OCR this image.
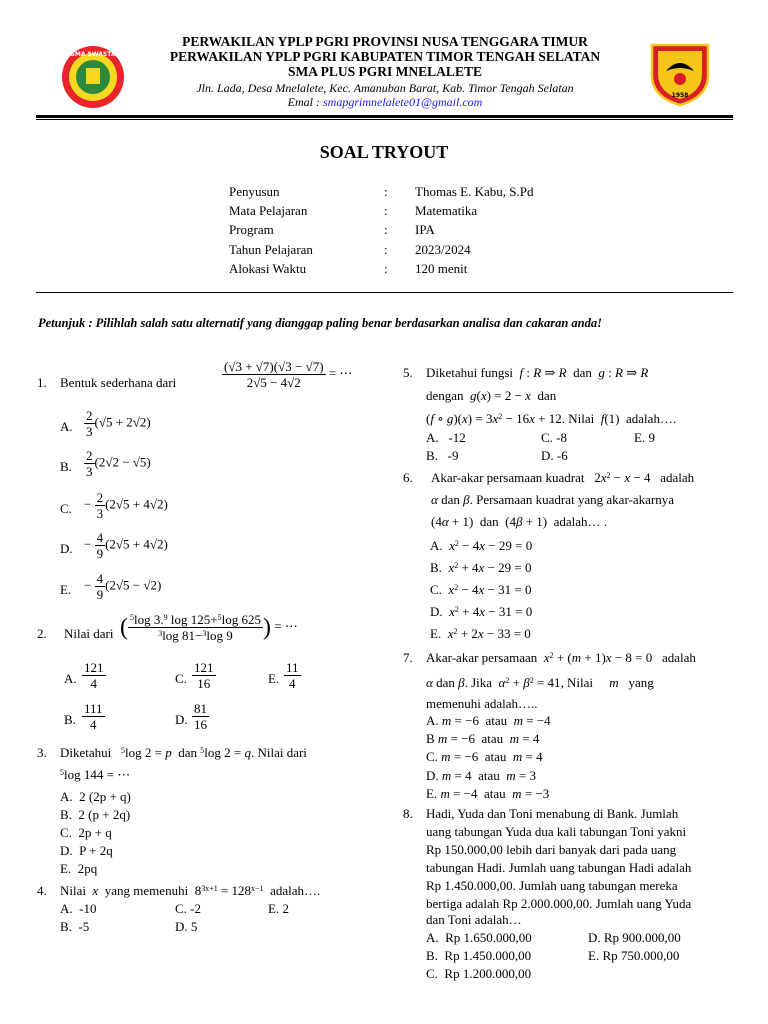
SMA SWASTA
1958
PERWAKILAN YPLP PGRI PROVINSI NUSA TENGGARA TIMUR
PERWAKILAN YPLP PGRI KABUPATEN TIMOR TENGAH SELATAN
SMA PLUS PGRI MNELALETE
Jln. Lada, Desa Mnelalete, Kec. Amanuban Barat, Kab. Timor Tengah Selatan
Emal : smapgrimnelalete01@gmail.com
SOAL TRYOUT
Penyusun	: Thomas E. Kabu, S.Pd
Mata Pelajaran	: Matematika
Program	: IPA
Tahun Pelajaran	: 2023/2024
Alokasi Waktu	: 120 menit
Petunjuk : Pilihlah salah satu alternatif yang dianggap paling benar berdasarkan analisa dan cakaran anda!
1. Bentuk sederhana dari	$\frac{(√3 + √7)(√3 - √7)}{2√5 - 4√2}$ = ⋯
A. $\frac{2}{3} (√5 + 2√2)$
B. $\frac{2}{3} (2√2 - √5)$
C. − $\frac{2}{3} (2√5 + 4√2)$
D. − $\frac{4}{9} (2√5 + 4√2)$
E. − $\frac{4}{9} (2√5 - √2)$
2. Nilai dari ( $\frac{^5\log 3.^9 \log 125+^5\log 625}{^3\log 81-^3\log 9}$ ) = ⋯
A. $\frac{121}{4}$	C. $\frac{121}{16}$	E. $\frac{11}{4}$
B. $\frac{111}{4}$	D. $\frac{81}{16}$
3. Diketahui $^5$log 2 = p dan $^5$log 2 = q. Nilai dari
$^5$log 144 = ⋯
A. 2 (2p + q)
B. 2 (p + 2q)
C. 2p + q
D. P + 2q
E. 2pq
4. Nilai x yang memenuhi  $8^{3x+1} = 128^{x-1}$ adalah….
A. -10	C. -2	E. 2
B. -5	D. 5
5. Diketahui fungsi f : R ⇒ R dan g : R ⇒ R
dengan g(x) = 2 − x dan
(f ∘ $g)(x) = 3x^2 - 16x + 12$. Nilai f(1)  adalah….
A. -12	C. -8	E. 9
B. -9	D. -6
6. Akar-akar persamaan kuadrat   $2x^2 - x - 4$   adalah
α dan β. Persamaan kuadrat yang akar-akarnya
(4α + 1)  dan  (4β + 1)  adalah… .
A. $x^2 - 4x - 29 = 0$
B. $x^2 + 4x - 29 = 0$
C. $x^2 - 4x - 31 = 0$
D. $x^2 + 4x - 31 = 0$
E. $x^2 + 2x - 33 = 0$
7. Akar-akar persamaan $x^2 + (m + 1)x - 8 = 0$   adalah
α dan β. Jika $\alpha^2 + \beta^2 = 41$, Nilai m yang
memenuhi adalah…..
A. m = −6  atau  m = −4
B m = −6  atau  m = 4
C. m = −6  atau  m = 4
D. m = 4  atau  m = 3
E. m = −4  atau  m = −3
8. Hadi, Yuda dan Toni menabung di Bank. Jumlah
uang tabungan Yuda dua kali tabungan Toni yakni
Rp 150.000,00 lebih dari banyak dari pada uang
tabungan Hadi. Jumlah uang tabungan Hadi adalah
Rp 1.450.000,00. Jumlah uang tabungan mereka
bertiga adalah Rp 2.000.000,00. Jumlah uang Yuda
dan Toni adalah…
A. Rp 1.650.000,00	D. Rp 900.000,00
B. Rp 1.450.000,00	E. Rp 750.000,00
C. Rp 1.200.000,00
